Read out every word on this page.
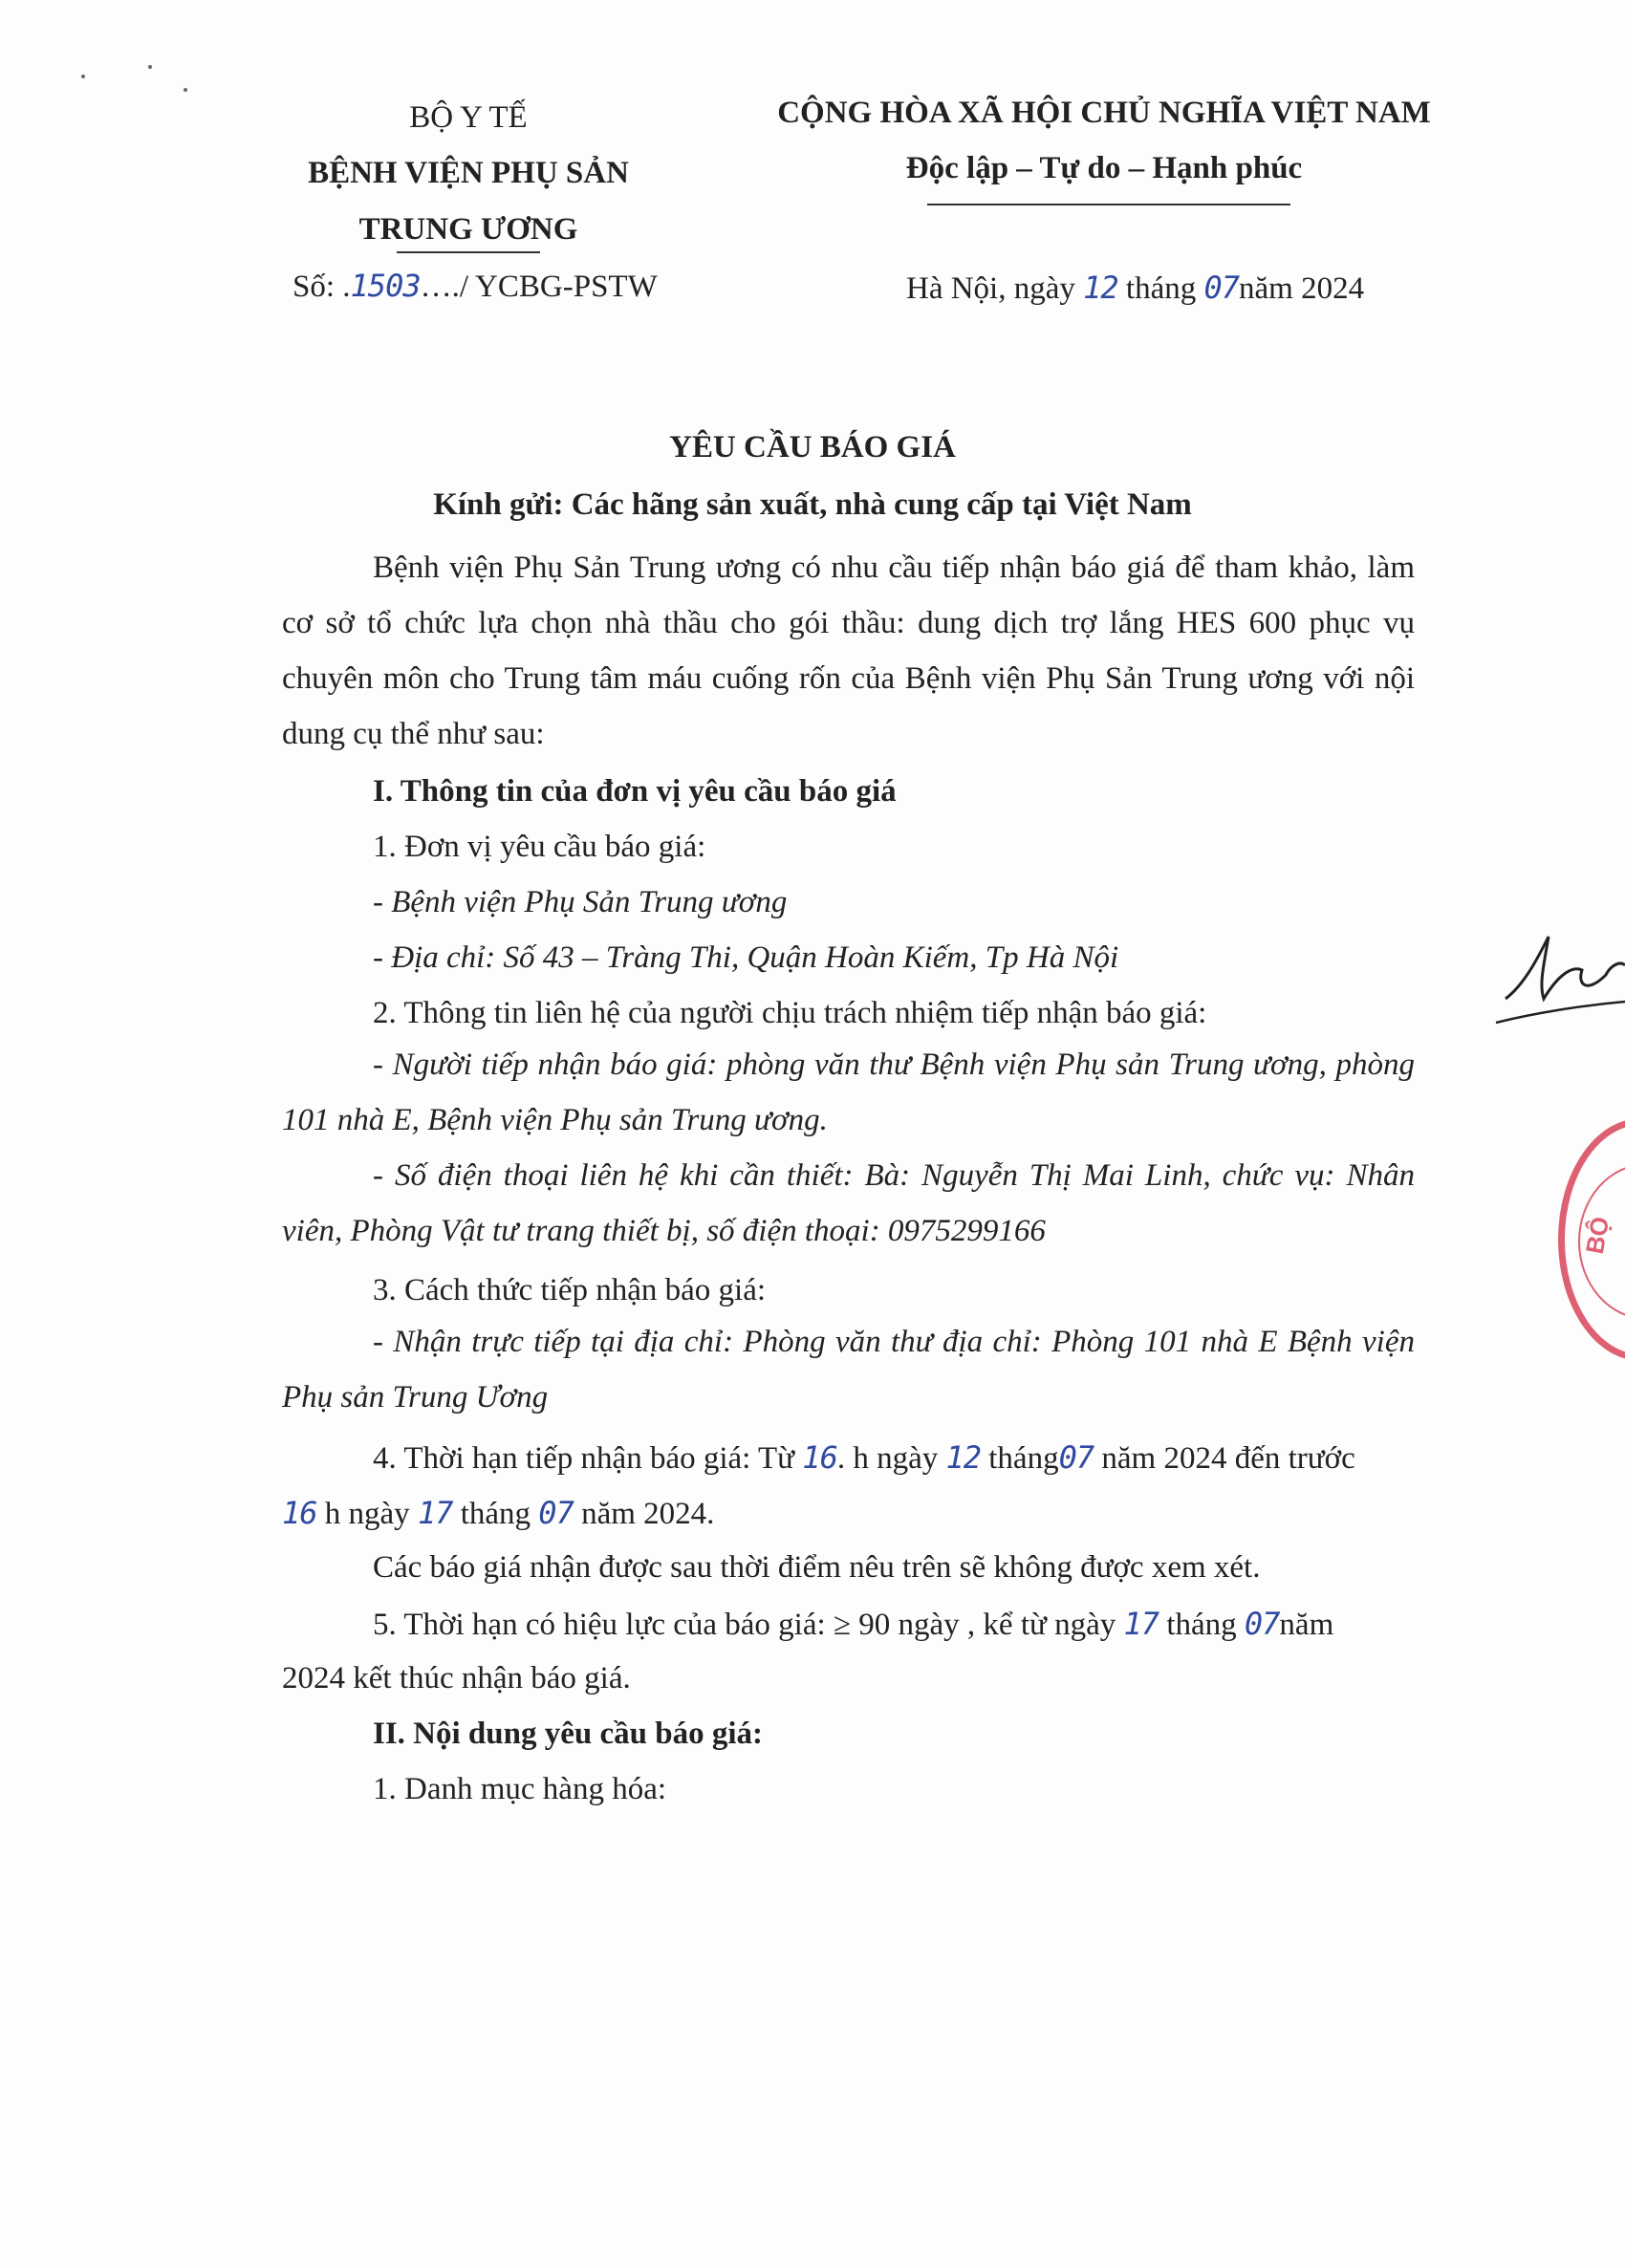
BỘ Y TẾ
BỆNH VIỆN PHỤ SẢN
TRUNG ƯƠNG
Số: .1503…./ YCBG-PSTW
CỘNG HÒA XÃ HỘI CHỦ NGHĨA VIỆT NAM
Độc lập – Tự do – Hạnh phúc
Hà Nội, ngày 12 tháng 07năm 2024
YÊU CẦU BÁO GIÁ
Kính gửi: Các hãng sản xuất, nhà cung cấp tại Việt Nam
Bệnh viện Phụ Sản Trung ương có nhu cầu tiếp nhận báo giá để tham khảo, làm cơ sở tổ chức lựa chọn nhà thầu cho gói thầu: dung dịch trợ lắng HES 600 phục vụ chuyên môn cho Trung tâm máu cuống rốn của Bệnh viện Phụ Sản Trung ương với nội dung cụ thể như sau:
I. Thông tin của đơn vị yêu cầu báo giá
1. Đơn vị yêu cầu báo giá:
- Bệnh viện Phụ Sản Trung ương
- Địa chỉ: Số 43 – Tràng Thi, Quận Hoàn Kiếm, Tp Hà Nội
2. Thông tin liên hệ của người chịu trách nhiệm tiếp nhận báo giá:
- Người tiếp nhận báo giá: phòng văn thư Bệnh viện Phụ sản Trung ương, phòng 101 nhà E, Bệnh viện Phụ sản Trung ương.
- Số điện thoại liên hệ khi cần thiết: Bà: Nguyễn Thị Mai Linh, chức vụ: Nhân viên, Phòng Vật tư trang thiết bị, số điện thoại: 0975299166
3. Cách thức tiếp nhận báo giá:
- Nhận trực tiếp tại địa chỉ: Phòng văn thư địa chỉ: Phòng 101 nhà E Bệnh viện Phụ sản Trung Ương
4. Thời hạn tiếp nhận báo giá: Từ 16. h ngày 12 tháng07 năm 2024 đến trước
16 h ngày 17 tháng 07 năm 2024.
Các báo giá nhận được sau thời điểm nêu trên sẽ không được xem xét.
5. Thời hạn có hiệu lực của báo giá: ≥ 90 ngày , kể từ ngày 17 tháng 07năm
2024 kết thúc nhận báo giá.
II. Nội dung yêu cầu báo giá:
1. Danh mục hàng hóa:
BỘ
